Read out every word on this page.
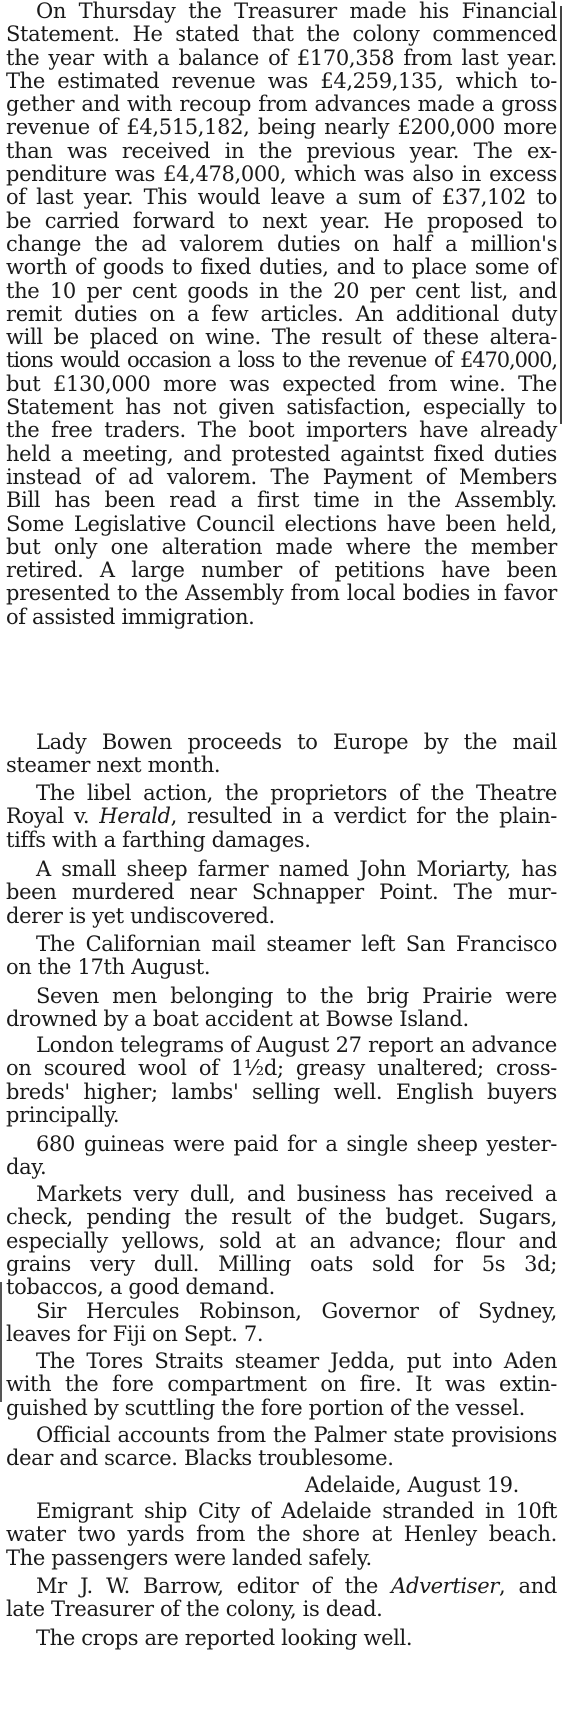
On Thursday the Treasurer made his Financial
Statement. He stated that the colony commenced
the year with a balance of £170,358 from last year.
The estimated revenue was £4,259,135, which to-
gether and with recoup from advances made a gross
revenue of £4,515,182, being nearly £200,000 more
than was received in the previous year. The ex-
penditure was £4,478,000, which was also in excess
of last year. This would leave a sum of £37,102 to
be carried forward to next year. He proposed to
change the ad valorem duties on half a million's
worth of goods to fixed duties, and to place some of
the 10 per cent goods in the 20 per cent list, and
remit duties on a few articles. An additional duty
will be placed on wine. The result of these altera-
tions would occasion a loss to the revenue of £470,000,
but £130,000 more was expected from wine. The
Statement has not given satisfaction, especially to
the free traders. The boot importers have already
held a meeting, and protested againtst fixed duties
instead of ad valorem. The Payment of Members
Bill has been read a first time in the Assembly.
Some Legislative Council elections have been held,
but only one alteration made where the member
retired. A large number of petitions have been
presented to the Assembly from local bodies in favor
of assisted immigration.
Lady Bowen proceeds to Europe by the mail
steamer next month.
The libel action, the proprietors of the Theatre
Royal v. Herald, resulted in a verdict for the plain-
tiffs with a farthing damages.
A small sheep farmer named John Moriarty, has
been murdered near Schnapper Point. The mur-
derer is yet undiscovered.
The Californian mail steamer left San Francisco
on the 17th August.
Seven men belonging to the brig Prairie were
drowned by a boat accident at Bowse Island.
London telegrams of August 27 report an advance
on scoured wool of 1½d; greasy unaltered; cross-
breds' higher; lambs' selling well. English buyers
principally.
680 guineas were paid for a single sheep yester-
day.
Markets very dull, and business has received a
check, pending the result of the budget. Sugars,
especially yellows, sold at an advance; flour and
grains very dull. Milling oats sold for 5s 3d;
tobaccos, a good demand.
Sir Hercules Robinson, Governor of Sydney,
leaves for Fiji on Sept. 7.
The Tores Straits steamer Jedda, put into Aden
with the fore compartment on fire. It was extin-
guished by scuttling the fore portion of the vessel.
Official accounts from the Palmer state provisions
dear and scarce. Blacks troublesome.
Adelaide, August 19.
Emigrant ship City of Adelaide stranded in 10ft
water two yards from the shore at Henley beach.
The passengers were landed safely.
Mr J. W. Barrow, editor of the Advertiser, and
late Treasurer of the colony, is dead.
The crops are reported looking well.
